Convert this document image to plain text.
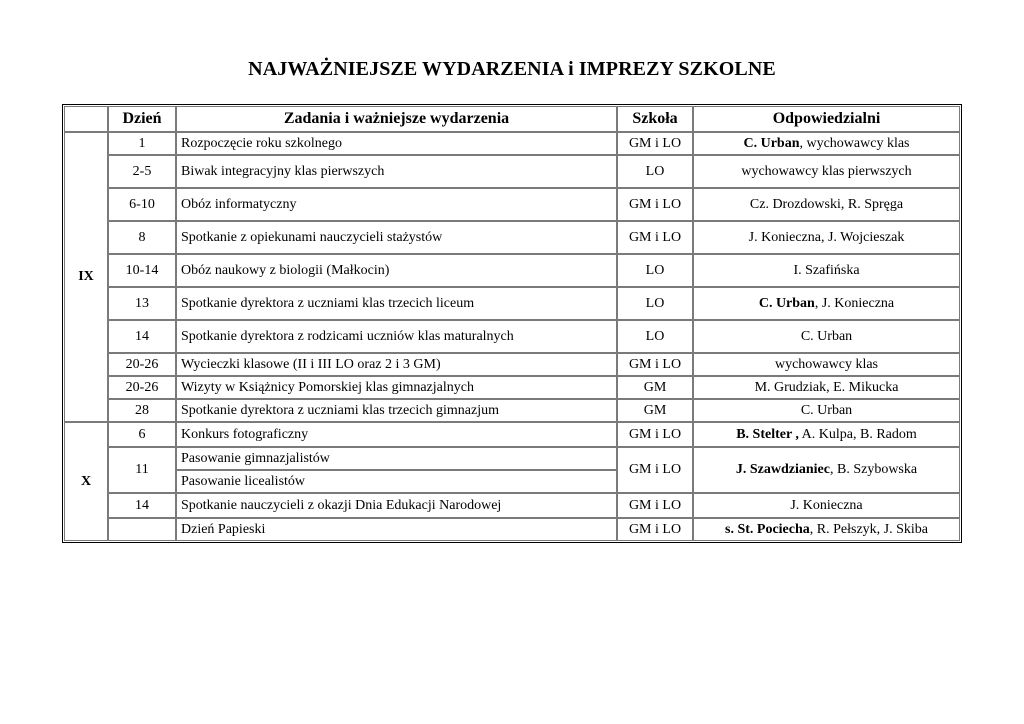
NAJWAŻNIEJSZE WYDARZENIA i IMPREZY SZKOLNE
	Dzień	Zadania i ważniejsze wydarzenia	Szkoła	Odpowiedzialni
IX	1	Rozpoczęcie roku szkolnego	GM i LO	C. Urban, wychowawcy klas
	2-5	Biwak integracyjny klas pierwszych	LO	wychowawcy klas pierwszych
	6-10	Obóz informatyczny	GM i LO	Cz. Drozdowski, R. Spręga
	8	Spotkanie z opiekunami nauczycieli stażystów	GM i LO	J. Konieczna, J. Wojcieszak
	10-14	Obóz naukowy z biologii (Małkocin)	LO	I. Szafińska
	13	Spotkanie dyrektora z uczniami klas trzecich liceum	LO	C. Urban, J. Konieczna
	14	Spotkanie dyrektora z rodzicami uczniów klas maturalnych	LO	C. Urban
	20-26	Wycieczki klasowe (II i III LO oraz 2 i 3 GM)	GM i LO	wychowawcy klas
	20-26	Wizyty w Książnicy Pomorskiej klas gimnazjalnych	GM	M. Grudziak, E. Mikucka
	28	Spotkanie dyrektora z uczniami klas trzecich gimnazjum	GM	C. Urban
X	6	Konkurs fotograficzny	GM i LO	B. Stelter , A. Kulpa, B. Radom
	11	Pasowanie gimnazjalistów	GM i LO	J. Szawdzianiec, B. Szybowska
		Pasowanie licealistów		
	14	Spotkanie nauczycieli z okazji Dnia Edukacji Narodowej	GM i LO	J. Konieczna
		Dzień Papieski	GM i LO	s. St. Pociecha, R. Pełszyk, J. Skiba
